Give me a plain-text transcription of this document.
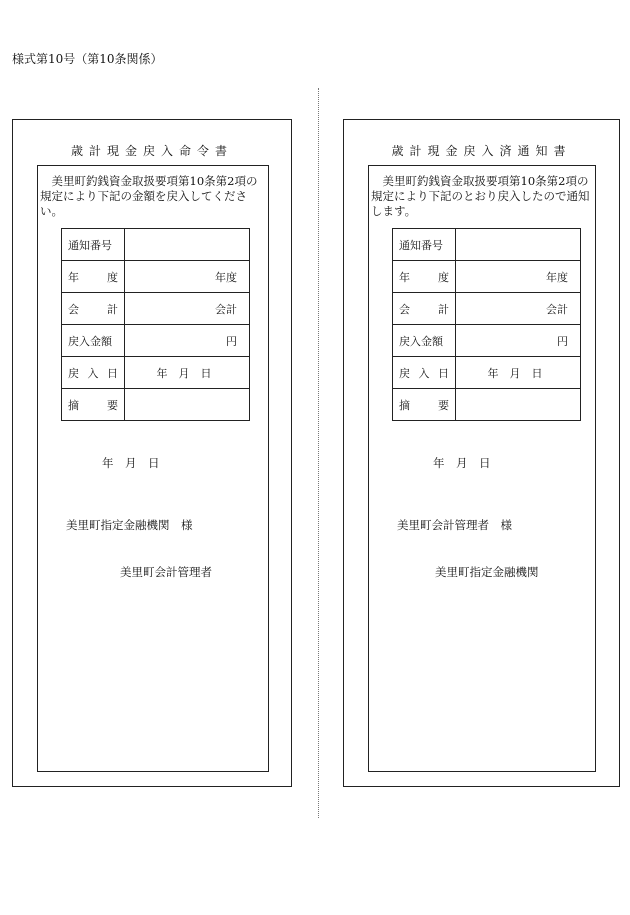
様式第10号（第10条関係）
歳計現金戻入命令書
美里町釣銭資金取扱要項第10条第2項の規定により下記の金額を戻入してください。
通知番号	

年　度	年度
会　計	会計
戻入金額	円
戻入日	年　月　日
摘　要	
年　月　日
美里町指定金融機関　様
美里町会計管理者
歳計現金戻入済通知書
美里町釣銭資金取扱要項第10条第2項の規定により下記のとおり戻入したので通知します。
通知番号	
年　度	年度
会　計	会計
戻入金額	円
戻入日	年　月　日
摘　要	
年　月　日
美里町会計管理者　様
美里町指定金融機関
